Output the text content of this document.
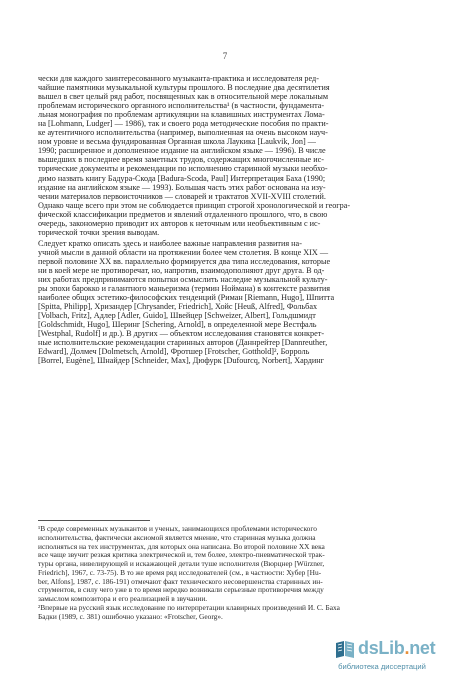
7
чески для каждого заинтересованного музыканта-практика и исследователя ред-
чайшие памятники музыкальной культуры прошлого. В последние два десятилетия
вышел в свет целый ряд работ, посвященных как в относительной мере локальным
проблемам исторического органного исполнительства¹ (в частности, фундамента-
льная монография по проблемам артикуляции на клавишных инструментах Лома-
на [Lohmann, Ludger] — 1986), так и своего рода методические пособия по практи-
ке аутентичного исполнительства (например, выполненная на очень высоком науч-
ном уровне и весьма фундированная Органная школа Лаукика [Laukvik, Jon] —
1990; расширенное и дополненное издание на английском языке — 1996). В числе
вышедших в последнее время заметных трудов, содержащих многочисленные ис-
торические документы и рекомендации по исполнению старинной музыки необхо-
димо назвать книгу Бадура-Скода [Badura-Scoda, Paul] Интерпретация Баха (1990;
издание на английском языке — 1993). Большая часть этих работ основана на изу-
чении материалов первоисточников — словарей и трактатов XVII-XVIII столетий.
Однако чаще всего при этом не соблюдается принцип строгой хронологической и геогра-
фической классификации предметов и явлений отдаленного прошлого, что, в свою
очередь, закономерно приводит их авторов к неточным или необъективным с ис-
торической точки зрения выводам.
Следует кратко описать здесь и наиболее важные направления развития на-
учной мысли в данной области на протяжении более чем столетия. В конце XIX —
первой половине XX вв. параллельно формируется два типа исследования, которые
ни в коей мере не противоречат, но, напротив, взаимодополняют друг друга. В од-
них работах предпринимаются попытки осмыслить наследие музыкальной культу-
ры эпохи барокко и галантного маньеризма (термин Ноймана) в контексте развития
наиболее общих эстетико-философских тенденций (Риман [Riemann, Hugo], Шпитта
[Spitta, Philipp], Хризандер [Chrysander, Friedrich], Хойс [Heuß, Alfred], Фольбах
[Volbach, Fritz], Адлер [Adler, Guido], Швейцер [Schweizer, Albert], Гольдшмидт
[Goldschmidt, Hugo], Шеринг [Schering, Arnold], в определенной мере Вестфаль
[Westphal, Rudolf] и др.). В других — объектом исследования становятся конкрет-
ные исполнительские рекомендации старинных авторов (Даннрейтер [Dannreuther,
Edward], Долмеч [Dolmetsch, Arnold], Фротшер [Frotscher, Gotthold]², Борроль
[Borrel, Eugène], Шнайдер [Schneider, Max], Дюфурк [Dufourcq, Norbert], Хардинг
¹В среде современных музыкантов и ученых, занимающихся проблемами исторического
исполнительства, фактически аксиомой является мнение, что старинная музыка должна
исполняться на тех инструментах, для которых она написана. Во второй половине XX века
все чаще звучит резкая критика электрической и, тем более, электро-пневматической трак-
туры органа, нивелирующей и искажающей детали туше исполнителя (Вюрцнер [Würzner,
Friedrich], 1967, с. 73-75). В то же время ряд исследователей (см., в частности: Хубер [Hu-
ber, Alfons], 1987, с. 186-191) отмечают факт технического несовершенства старинных ин-
струментов, в силу чего уже в то время нередко возникали серьезные противоречия между
замыслом композитора и его реализацией в звучании.
²Впервые на русский язык исследование по интерпретации клавирных произведений И. С. Баха
Бадки (1989, с. 381) ошибочно указано: «Frotscher, Georg».
dsLib.net
библиотека диссертаций
